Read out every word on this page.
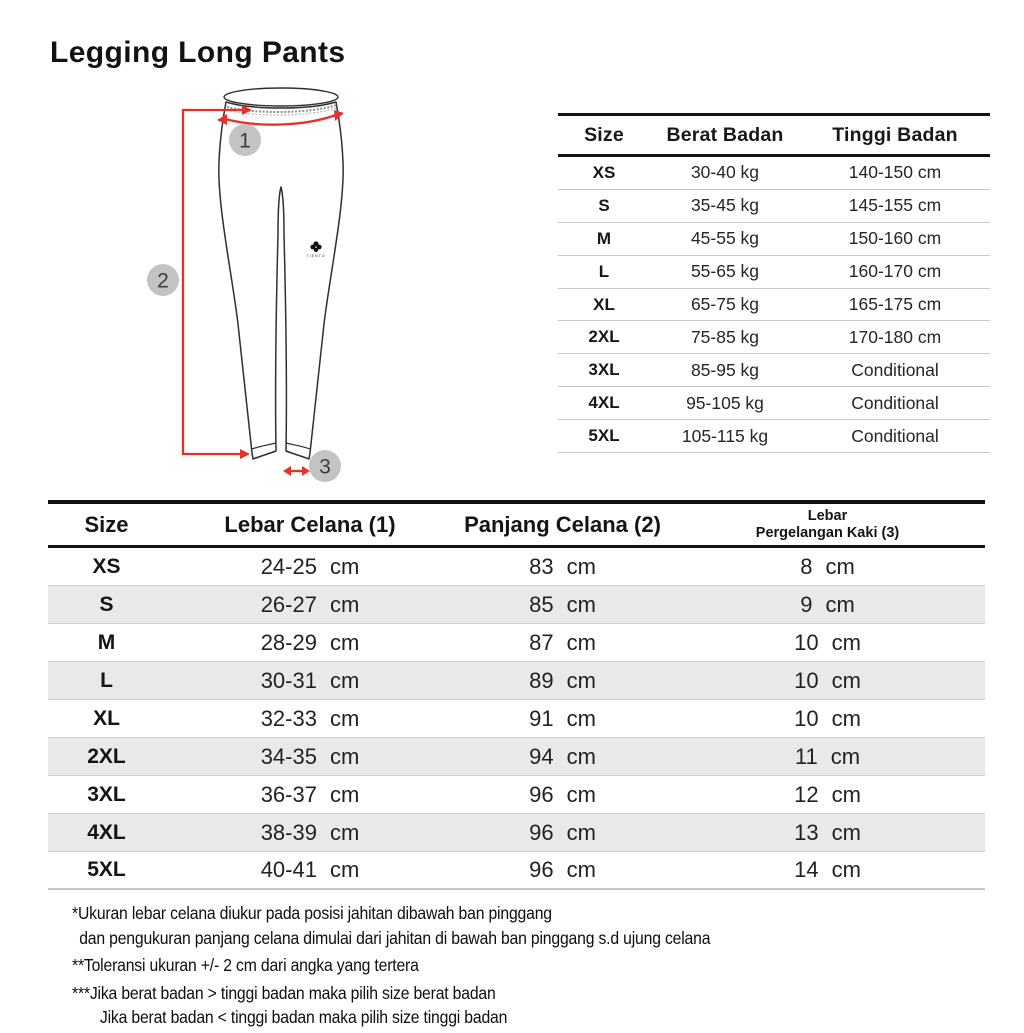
Legging Long Pants
TIENTO
1
2
3
Size	Berat Badan	Tinggi Badan
XS	30-40 kg	140-150 cm
S	35-45 kg	145-155 cm
M	45-55 kg	150-160 cm
L	55-65 kg	160-170 cm
XL	65-75 kg	165-175 cm
2XL	75-85 kg	170-180 cm
3XL	85-95 kg	Conditional
4XL	95-105 kg	Conditional
5XL	105-115 kg	Conditional
Size	Lebar Celana (1)	Panjang Celana (2)	Lebar
Pergelangan Kaki (3)
XS	24-25 cm	83 cm	8 cm
S	26-27 cm	85 cm	9 cm
M	28-29 cm	87 cm	10 cm
L	30-31 cm	89 cm	10 cm
XL	32-33 cm	91 cm	10 cm
2XL	34-35 cm	94 cm	11 cm
3XL	36-37 cm	96 cm	12 cm
4XL	38-39 cm	96 cm	13 cm
5XL	40-41 cm	96 cm	14 cm
*Ukuran lebar celana diukur pada posisi jahitan dibawah ban pinggang
dan pengukuran panjang celana dimulai dari jahitan di bawah ban pinggang s.d ujung celana
**Toleransi ukuran +/- 2 cm dari angka yang tertera
***Jika berat badan > tinggi badan maka pilih size berat badan
Jika berat badan < tinggi badan maka pilih size tinggi badan
